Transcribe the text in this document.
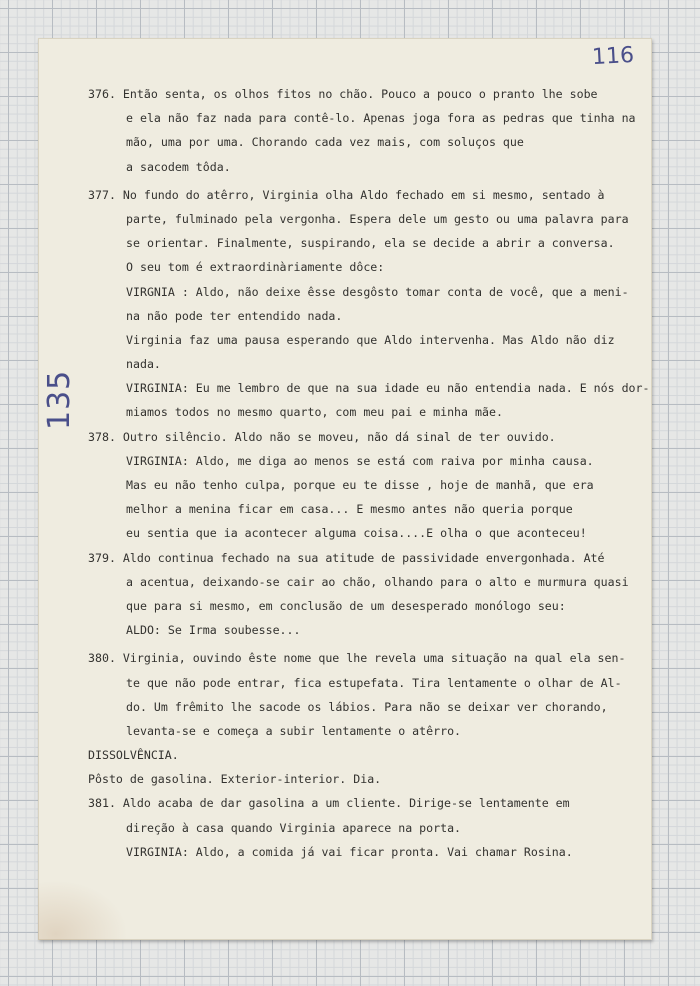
116
135
376. Então senta, os olhos fitos no chão. Pouco a pouco o pranto lhe sobe
e ela não faz nada para contê-lo. Apenas joga fora as pedras que tinha na
mão, uma por uma. Chorando cada vez mais, com soluços que
a sacodem tôda.
377. No fundo do atêrro, Virginia olha Aldo fechado em si mesmo, sentado à
parte, fulminado pela vergonha. Espera dele um gesto ou uma palavra para
se orientar. Finalmente, suspirando, ela se decide a abrir a conversa.
O seu tom é extraordinàriamente dôce:
VIRGNIA : Aldo, não deixe êsse desgôsto tomar conta de você, que a meni-
na não pode ter entendido nada.
Virginia faz uma pausa esperando que Aldo intervenha. Mas Aldo não diz
nada.
VIRGINIA: Eu me lembro de que na sua idade eu não entendia nada. E nós dor-
miamos todos no mesmo quarto, com meu pai e minha mãe.
378. Outro silêncio. Aldo não se moveu, não dá sinal de ter ouvido.
VIRGINIA: Aldo, me diga ao menos se está com raiva por minha causa.
Mas eu não tenho culpa, porque eu te disse , hoje de manhã, que era
melhor a menina ficar em casa... E mesmo antes não queria porque
eu sentia que ia acontecer alguma coisa....E olha o que aconteceu!
379. Aldo continua fechado na sua atitude de passividade envergonhada. Até
a acentua, deixando-se cair ao chão, olhando para o alto e murmura quasi
que para si mesmo, em conclusão de um desesperado monólogo seu:
ALDO: Se Irma soubesse...
380. Virginia, ouvindo êste nome que lhe revela uma situação na qual ela sen-
te que não pode entrar, fica estupefata. Tira lentamente o olhar de Al-
do. Um frêmito lhe sacode os lábios. Para não se deixar ver chorando,
levanta-se e começa a subir lentamente o atêrro.
DISSOLVÊNCIA.
Pôsto de gasolina. Exterior-interior. Dia.
381. Aldo acaba de dar gasolina a um cliente. Dirige-se lentamente em
direção à casa quando Virginia aparece na porta.
VIRGINIA: Aldo, a comida já vai ficar pronta. Vai chamar Rosina.
